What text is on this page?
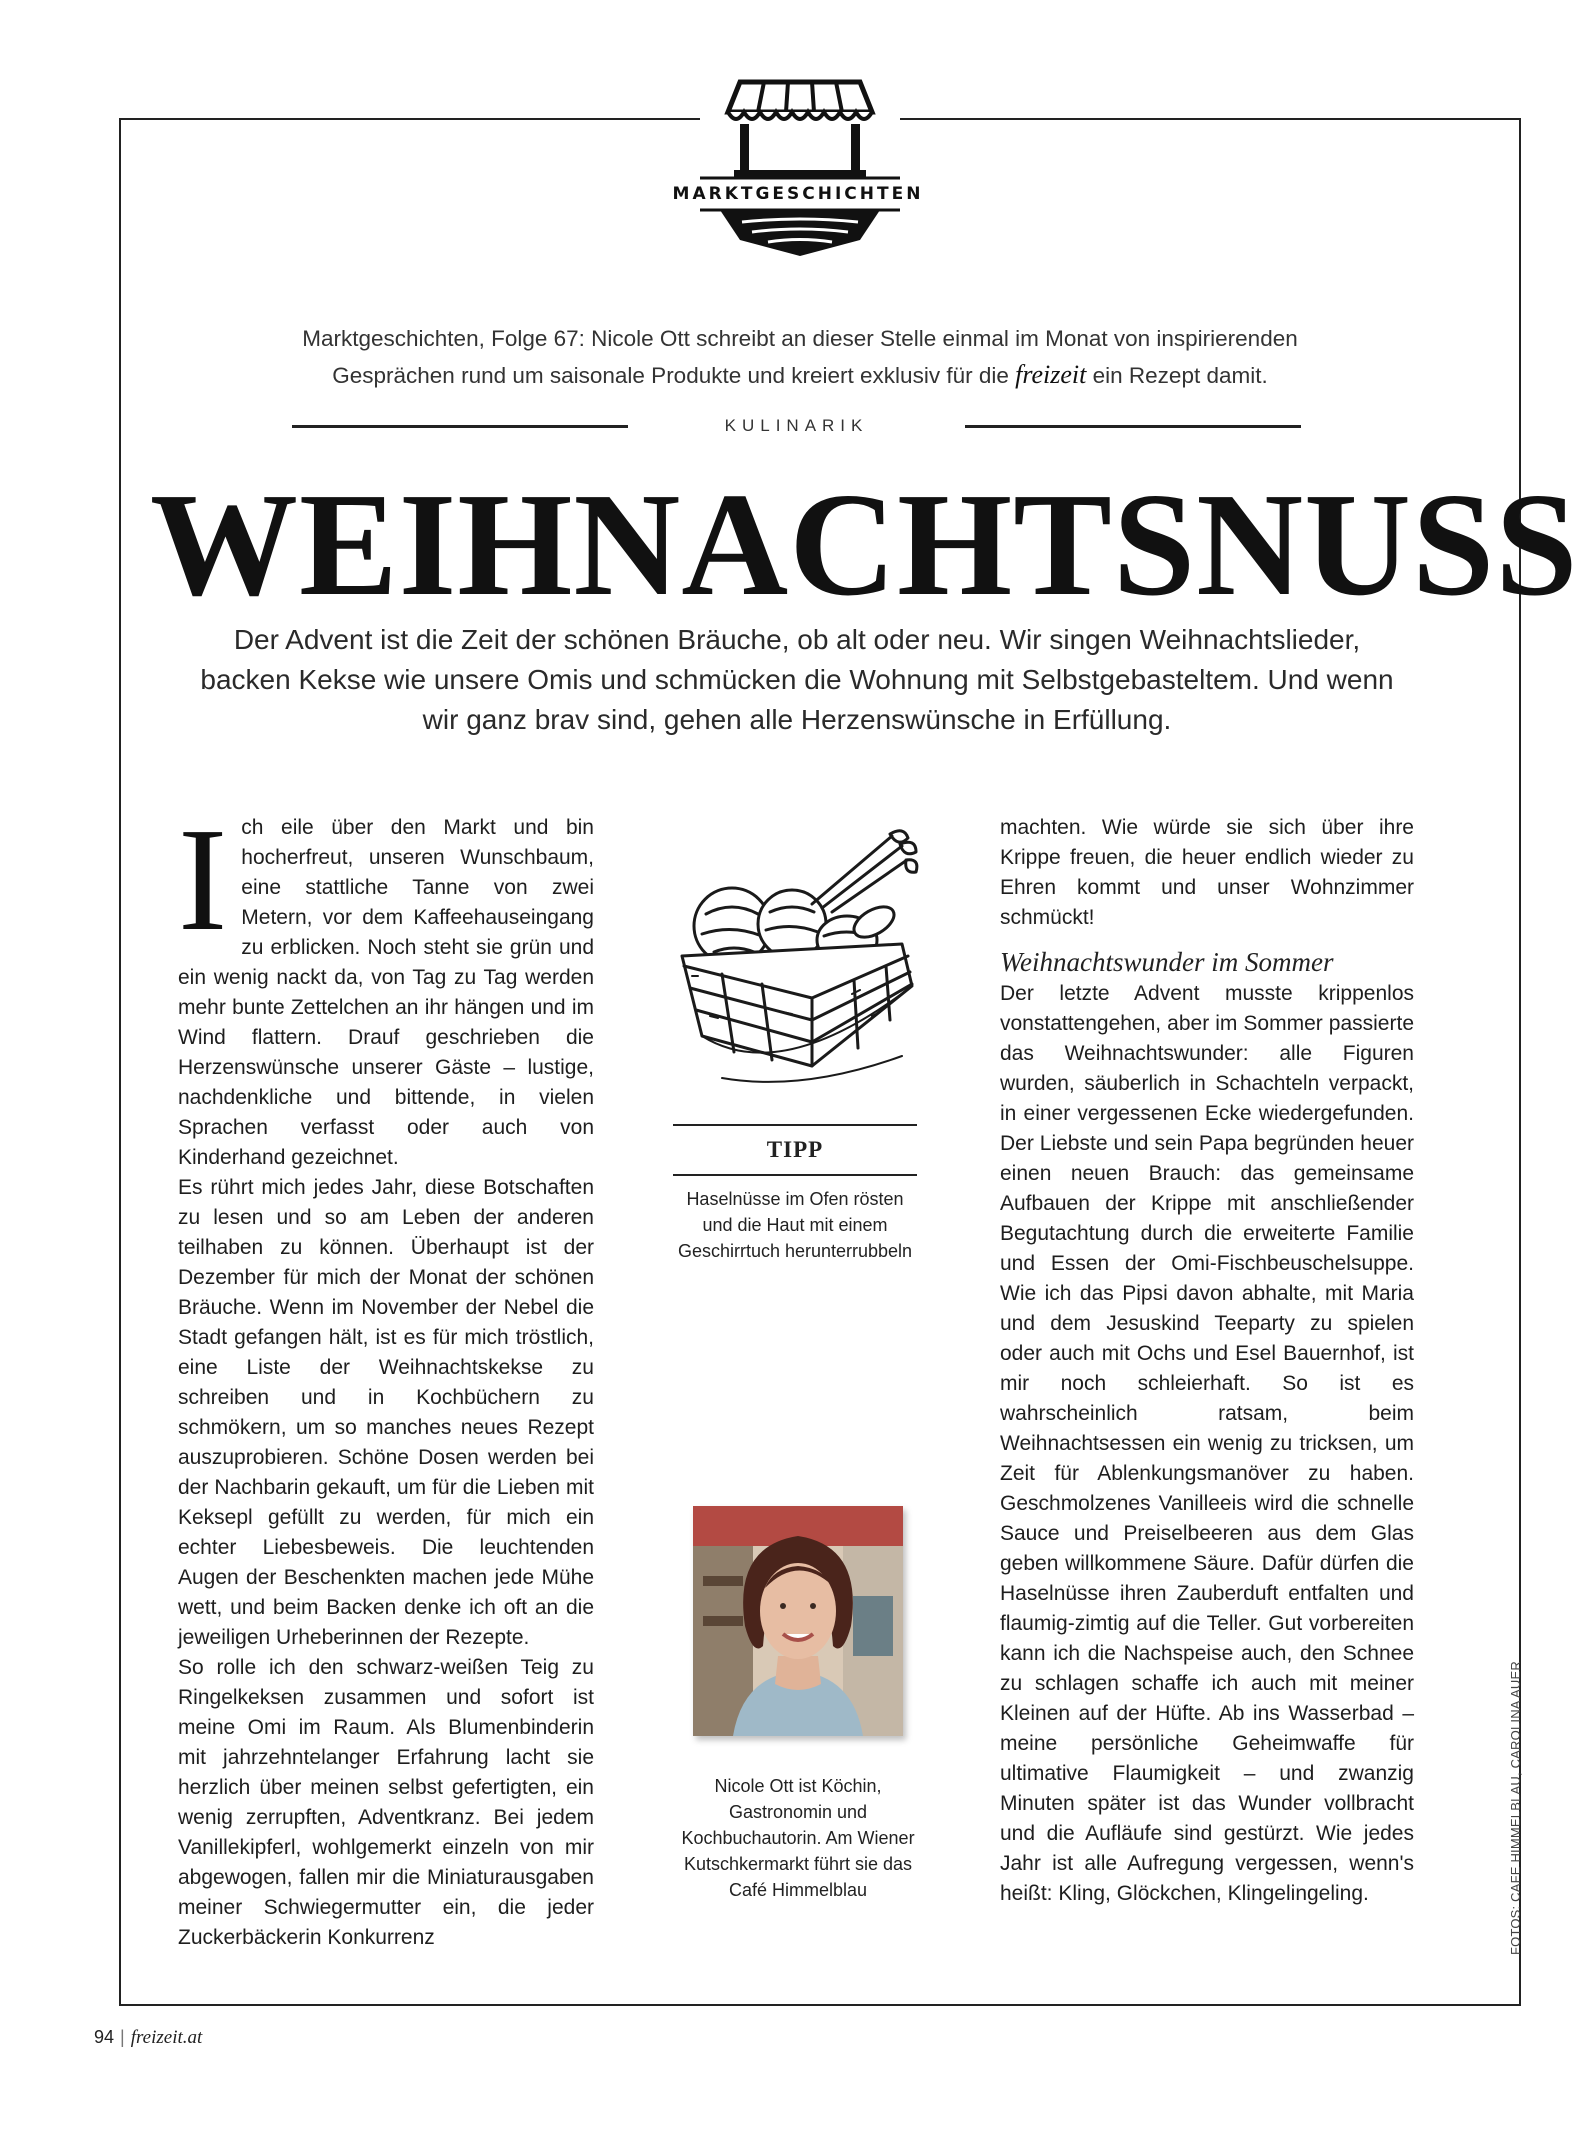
MARKTGESCHICHTEN
Marktgeschichten, Folge 67: Nicole Ott schreibt an dieser Stelle einmal im Monat von inspirierenden
Gesprächen rund um saisonale Produkte und kreiert exklusiv für die freizeit ein Rezept damit.
KULINARIK
WEIHNACHTSNUSS

Der Advent ist die Zeit der schönen Bräuche, ob alt oder neu. Wir singen Weihnachtslieder, backen Kekse wie unsere Omis und schmücken die Wohnung mit Selbstgebasteltem. Und wenn wir ganz brav sind, gehen alle Herzenswünsche in Erfüllung.

I ch eile über den Markt und bin hocherfreut, unseren Wunschbaum, eine stattliche Tanne von zwei Metern, vor dem Kaffeehauseingang zu erblicken. Noch steht sie grün und ein wenig nackt da, von Tag zu Tag werden mehr bunte Zettelchen an ihr hängen und im Wind flattern. Drauf geschrieben die Herzenswünsche unserer Gäste – lustige, nachdenkliche und bittende, in vielen Sprachen verfasst oder auch von Kinderhand gezeichnet.

Es rührt mich jedes Jahr, diese Botschaften zu lesen und so am Leben der anderen teilhaben zu können. Überhaupt ist der Dezember für mich der Monat der schönen Bräuche. Wenn im November der Nebel die Stadt gefangen hält, ist es für mich tröstlich, eine Liste der Weihnachtskekse zu schreiben und in Kochbüchern zu schmökern, um so manches neues Rezept auszuprobieren. Schöne Dosen werden bei der Nachbarin gekauft, um für die Lieben mit Keksерl gefüllt zu werden, für mich ein echter Liebesbeweis. Die leuchtenden Augen der Beschenkten machen jede Mühe wett, und beim Backen denke ich oft an die jeweiligen Urheberinnen der Rezepte.

So rolle ich den schwarz-weißen Teig zu Ringelkeksen zusammen und sofort ist meine Omi im Raum. Als Blumenbinderin mit jahrzehntelanger Erfahrung lacht sie herzlich über meinen selbst gefertigten, ein wenig zerrupften, Adventkranz. Bei jedem Vanillekipferl, wohlgemerkt einzeln von mir abgewogen, fallen mir die Miniaturausgaben meiner Schwiegermutter ein, die jeder Zuckerbäckerin Konkurrenz

TIPP
Haselnüsse im Ofen rösten und die Haut mit einem Geschirrtuch herunterrubbeln
Nicole Ott ist Köchin, Gastronomin und Kochbuchautorin. Am Wiener Kutschkermarkt führt sie das Café Himmelblau

machten. Wie würde sie sich über ihre Krippe freuen, die heuer endlich wieder zu Ehren kommt und unser Wohnzimmer schmückt!

Weihnachtswunder im Sommer

Der letzte Advent musste krippenlos vonstattengehen, aber im Sommer passierte das Weihnachtswunder: alle Figuren wurden, säuberlich in Schachteln verpackt, in einer vergessenen Ecke wiedergefunden. Der Liebste und sein Papa begründen heuer einen neuen Brauch: das gemeinsame Aufbauen der Krippe mit anschließender Begutachtung durch die erweiterte Familie und Essen der Omi-Fischbeuschelsuppe. Wie ich das Pipsi davon abhalte, mit Maria und dem Jesuskind Teeparty zu spielen oder auch mit Ochs und Esel Bauernhof, ist mir noch schleierhaft. So ist es wahrscheinlich ratsam, beim Weihnachtsessen ein wenig zu tricksen, um Zeit für Ablenkungsmanöver zu haben. Geschmolzenes Vanilleeis wird die schnelle Sauce und Preiselbeeren aus dem Glas geben willkommene Säure. Dafür dürfen die Haselnüsse ihren Zauberduft entfalten und flaumig-zimtig auf die Teller. Gut vorbereiten kann ich die Nachspeise auch, den Schnee zu schlagen schaffe ich auch mit meiner Kleinen auf der Hüfte. Ab ins Wasserbad – meine persönliche Geheimwaffe für ultimative Flaumigkeit – und zwanzig Minuten später ist das Wunder vollbracht und die Aufläufe sind gestürzt. Wie jedes Jahr ist alle Aufregung vergessen, wenn's heißt: Kling, Glöckchen, Klingelingeling.	FOTOS: CAFE HIMMELBLAU, CAROLINA AUER
94 | freizeit.at
